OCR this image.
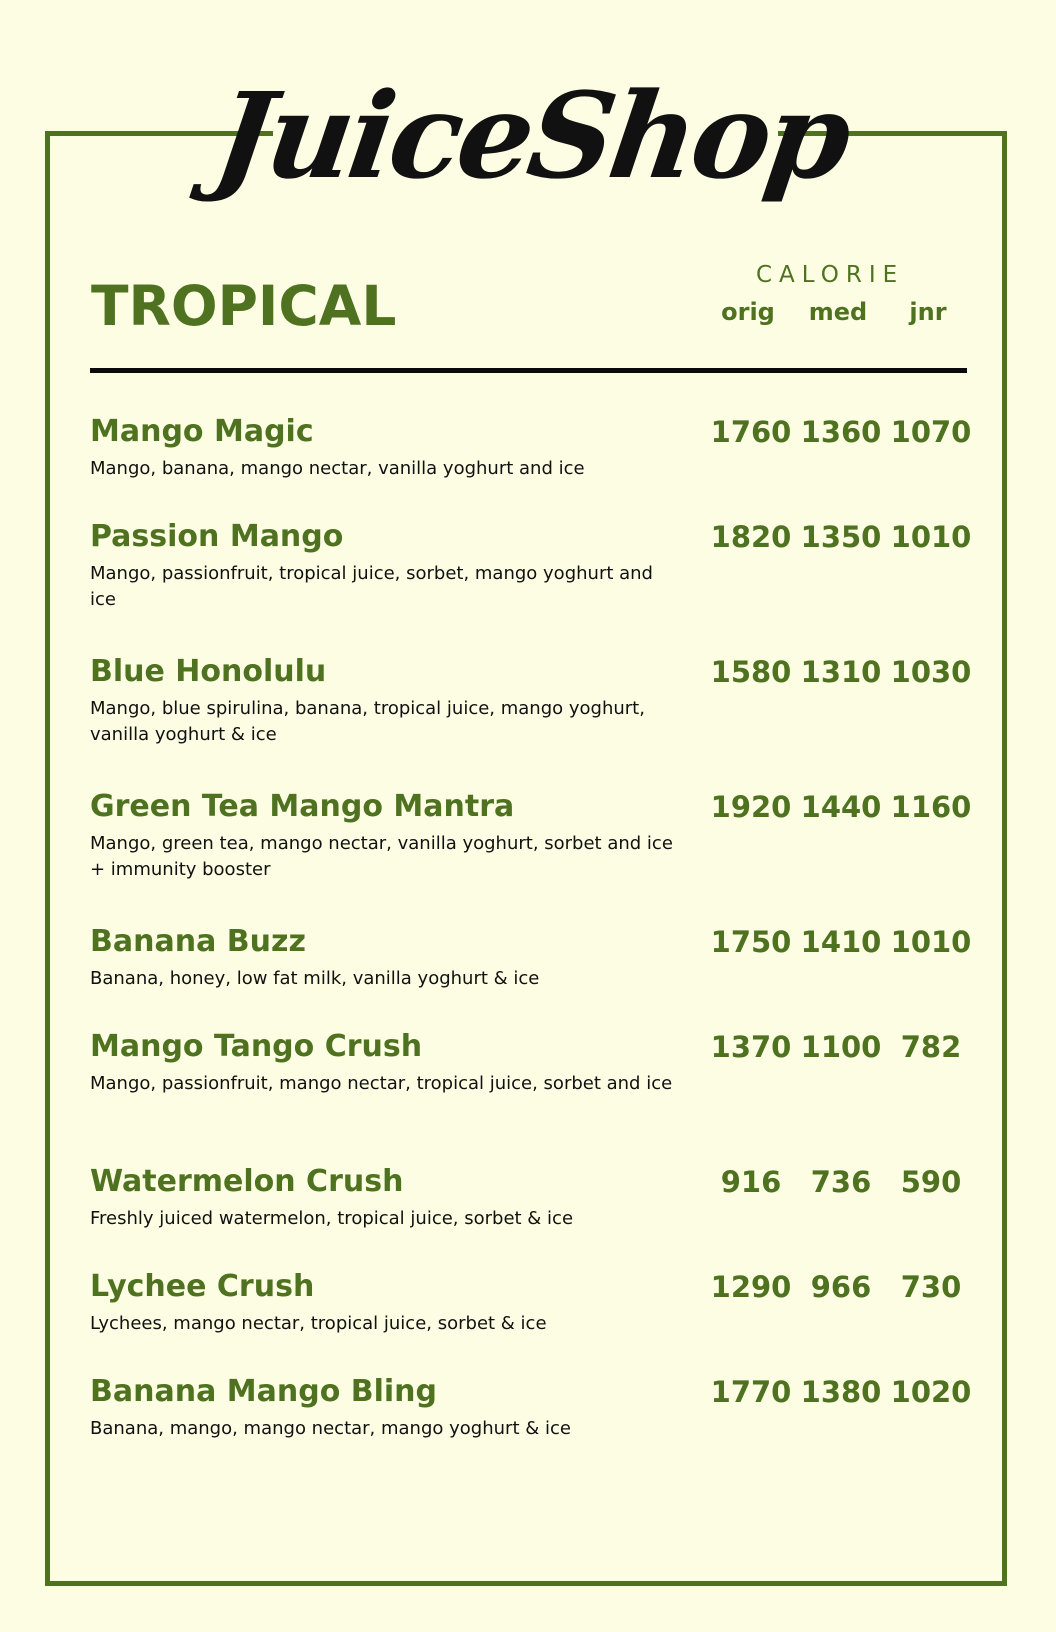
JuiceShop
TROPICAL	CALORIE
orig	med	jnr
Mango Magic
Mango, banana, mango nectar, vanilla yoghurt and ice
1760 1360 1070
Passion Mango
Mango, passionfruit, tropical juice, sorbet, mango yoghurt and ice
1820 1350 1010
Blue Honolulu
Mango, blue spirulina, banana, tropical juice, mango yoghurt, vanilla yoghurt & ice
1580 1310 1030
Green Tea Mango Mantra
Mango, green tea, mango nectar, vanilla yoghurt, sorbet and ice + immunity booster
1920 1440 1160
Banana Buzz
Banana, honey, low fat milk, vanilla yoghurt & ice
1750 1410 1010
Mango Tango Crush
Mango, passionfruit, mango nectar, tropical juice, sorbet and ice
1370 1100 782
Watermelon Crush
Freshly juiced watermelon, tropical juice, sorbet & ice
916	736	590
Lychee Crush
Lychees, mango nectar, tropical juice, sorbet & ice
1290 966	730
Banana Mango Bling
Banana, mango, mango nectar, mango yoghurt & ice
1770 1380 1020
